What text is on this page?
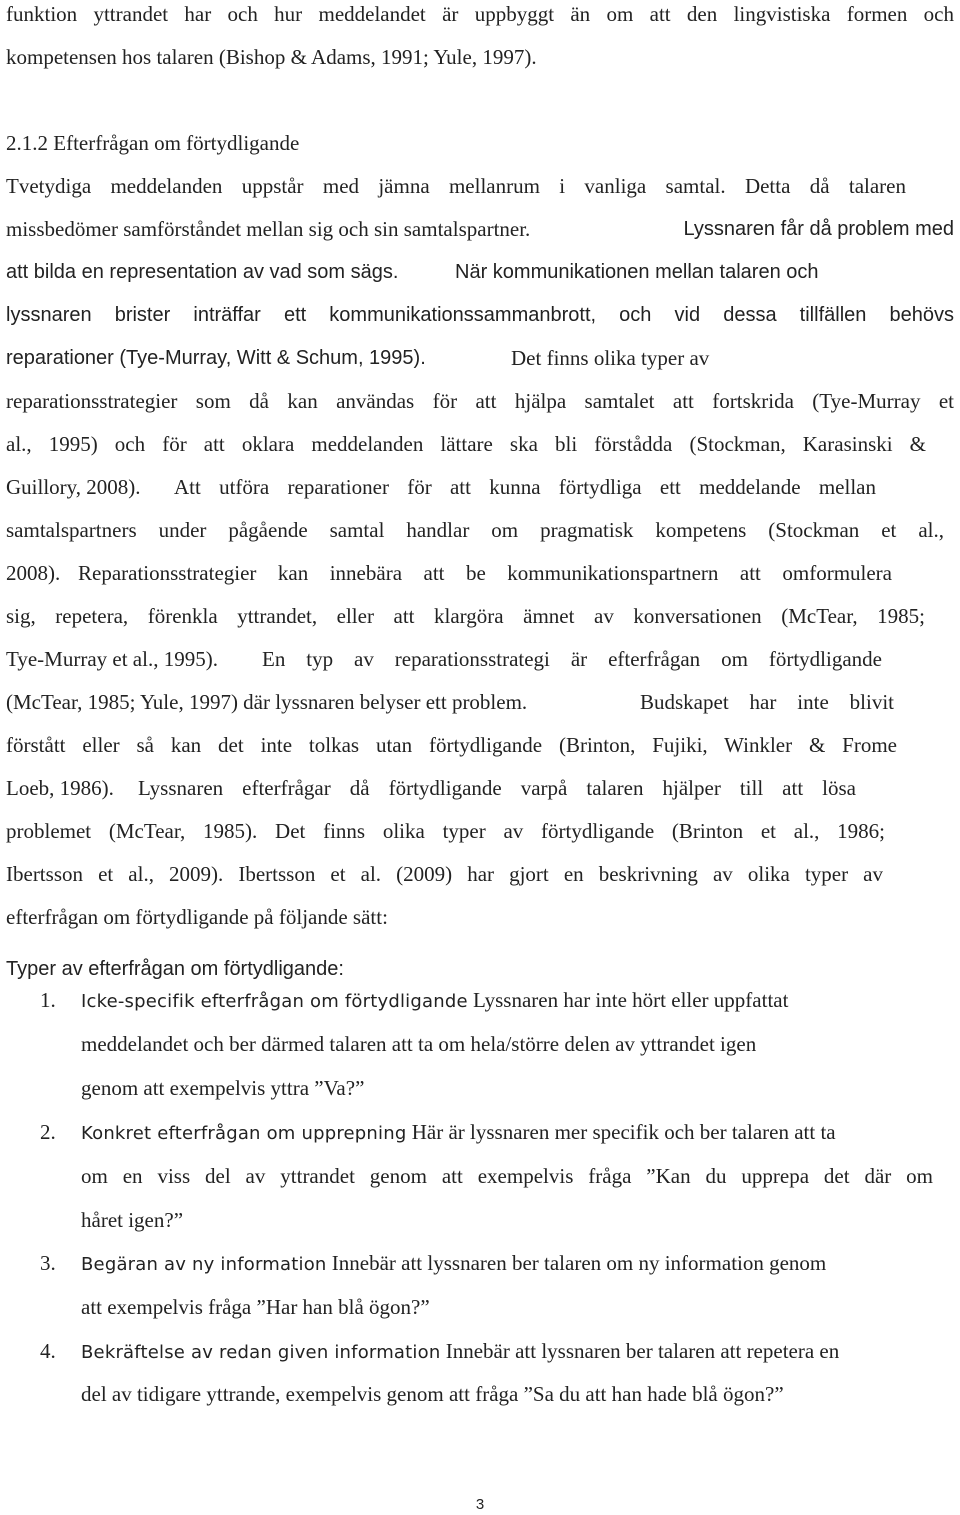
funktion yttrandet har och hur meddelandet är uppbyggt än om att den lingvistiska formen och
kompetensen hos talaren (Bishop & Adams, 1991; Yule, 1997).
2.1.2 Efterfrågan om förtydligande
Tvetydiga meddelanden uppstår med jämna mellanrum i vanliga samtal. Detta då talaren
missbedömer samförståndet mellan sig och sin samtalspartner.	Lyssnaren får då problem med
att bilda en representation av vad som sägs.	När kommunikationen mellan talaren och
lyssnaren brister inträffar ett kommunikationssammanbrott, och vid dessa tillfällen behövs
reparationer (Tye-Murray, Witt & Schum, 1995).	Det finns olika typer av
reparationsstrategier som då kan användas för att hjälpa samtalet att fortskrida (Tye-Murray et
al., 1995) och för att oklara meddelanden lättare ska bli förstådda (Stockman, Karasinski &
Guillory, 2008). Att utföra reparationer för att kunna förtydliga ett meddelande mellan
samtalspartners under pågående samtal handlar om pragmatisk kompetens (Stockman et al.,
2008). Reparationsstrategier kan innebära att be kommunikationspartnern att omformulera
sig, repetera, förenkla yttrandet, eller att klargöra ämnet av konversationen (McTear, 1985;
Tye-Murray et al., 1995). En typ av reparationsstrategi är efterfrågan om förtydligande
(McTear, 1985; Yule, 1997) där lyssnaren belyser ett problem.	Budskapet har inte blivit
förstått eller så kan det inte tolkas utan förtydligande (Brinton, Fujiki, Winkler & Frome
Loeb, 1986). Lyssnaren efterfrågar då förtydligande varpå talaren hjälper till att lösa
problemet (McTear, 1985). Det finns olika typer av förtydligande (Brinton et al., 1986;
Ibertsson et al., 2009). Ibertsson et al. (2009) har gjort en beskrivning av olika typer av
efterfrågan om förtydligande på följande sätt:
Typer av efterfrågan om förtydligande:
1. Icke-specifik efterfrågan om förtydligande Lyssnaren har inte hört eller uppfattat
meddelandet och ber därmed talaren att ta om hela/större delen av yttrandet igen
genom att exempelvis yttra ”Va?”
2. Konkret efterfrågan om upprepning Här är lyssnaren mer specifik och ber talaren att ta
om en viss del av yttrandet genom att exempelvis fråga ”Kan du upprepa det där om
håret igen?”
3. Begäran av ny information Innebär att lyssnaren ber talaren om ny information genom
att exempelvis fråga ”Har han blå ögon?”
4. Bekräftelse av redan given information Innebär att lyssnaren ber talaren att repetera en
del av tidigare yttrande, exempelvis genom att fråga ”Sa du att han hade blå ögon?”
3
